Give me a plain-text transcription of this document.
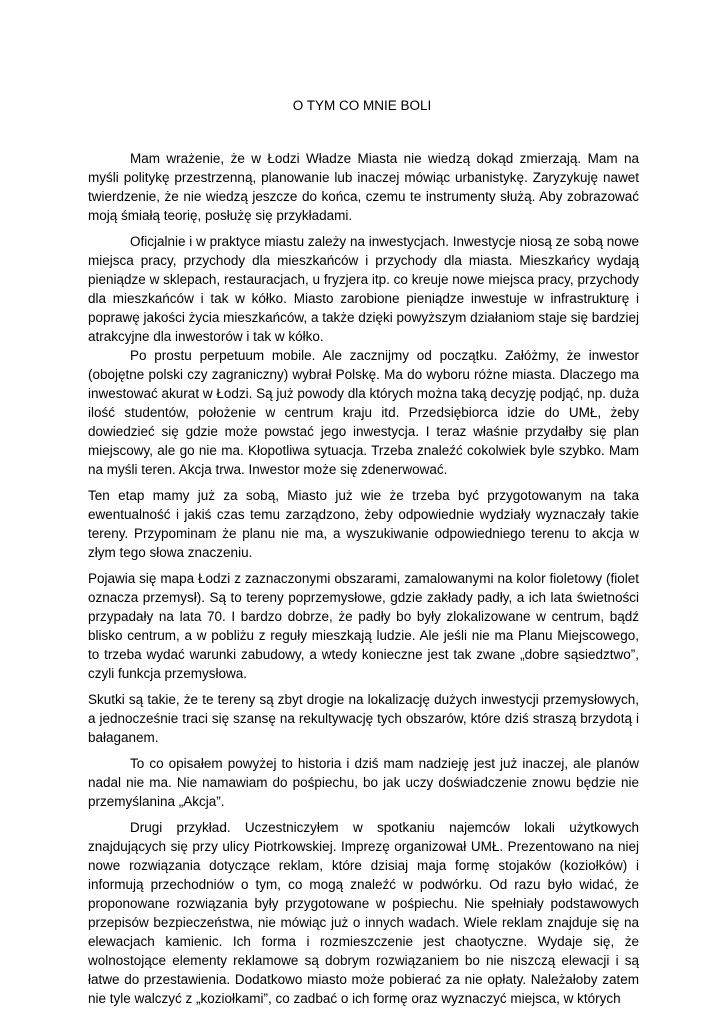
O TYM CO MNIE BOLI

Mam wrażenie, że w Łodzi Władze Miasta nie wiedzą dokąd zmierzają. Mam na myśli politykę przestrzenną, planowanie lub inaczej mówiąc urbanistykę. Zaryzykuję nawet twierdzenie, że nie wiedzą jeszcze do końca, czemu te instrumenty służą. Aby zobrazować moją śmiałą teorię, posłużę się przykładami.

Oficjalnie i w praktyce miastu zależy na inwestycjach. Inwestycje niosą ze sobą nowe miejsca pracy, przychody dla mieszkańców i przychody dla miasta. Mieszkańcy wydają pieniądze w sklepach, restauracjach, u fryzjera itp. co kreuje nowe miejsca pracy, przychody dla mieszkańców i tak w kółko. Miasto zarobione pieniądze inwestuje w infrastrukturę i poprawę jakości życia mieszkańców, a także dzięki powyższym działaniom staje się bardziej atrakcyjne dla inwestorów i tak w kółko.

Po prostu perpetuum mobile. Ale zacznijmy od początku. Załóżmy, że inwestor (obojętne polski czy zagraniczny) wybrał Polskę. Ma do wyboru różne miasta. Dlaczego ma inwestować akurat w Łodzi. Są już powody dla których można taką decyzję podjąć, np. duża ilość studentów, położenie w centrum kraju itd. Przedsiębiorca idzie do UMŁ, żeby dowiedzieć się gdzie może powstać jego inwestycja. I teraz właśnie przydałby się plan miejscowy, ale go nie ma. Kłopotliwa sytuacja. Trzeba znaleźć cokolwiek byle szybko. Mam na myśli teren. Akcja trwa. Inwestor może się zdenerwować.

Ten etap mamy już za sobą, Miasto już wie że trzeba być przygotowanym na taka ewentualność i jakiś czas temu zarządzono, żeby odpowiednie wydziały wyznaczały takie tereny. Przypominam że planu nie ma, a wyszukiwanie odpowiedniego terenu to akcja w złym tego słowa znaczeniu.

Pojawia się mapa Łodzi z zaznaczonymi obszarami, zamalowanymi na kolor fioletowy (fiolet oznacza przemysł). Są to tereny poprzemysłowe, gdzie zakłady padły, a ich lata świetności przypadały na lata 70. I bardzo dobrze, że padły bo były zlokalizowane w centrum, bądź blisko centrum, a w pobliżu z reguły mieszkają ludzie. Ale jeśli nie ma Planu Miejscowego, to trzeba wydać warunki zabudowy, a wtedy konieczne jest tak zwane „dobre sąsiedztwo”, czyli funkcja przemysłowa.

Skutki są takie, że te tereny są zbyt drogie na lokalizację dużych inwestycji przemysłowych, a jednocześnie traci się szansę na rekultywację tych obszarów, które dziś straszą brzydotą i bałaganem.

To co opisałem powyżej to historia i dziś mam nadzieję jest już inaczej, ale planów nadal nie ma. Nie namawiam do pośpiechu, bo jak uczy doświadczenie znowu będzie nie przemyślanina „Akcja”.

Drugi przykład. Uczestniczyłem w spotkaniu najemców lokali użytkowych znajdujących się przy ulicy Piotrkowskiej. Imprezę organizował UMŁ. Prezentowano na niej nowe rozwiązania dotyczące reklam, które dzisiaj maja formę stojaków (koziołków) i informują przechodniów o tym, co mogą znaleźć w podwórku. Od razu było widać, że proponowane rozwiązania były przygotowane w pośpiechu. Nie spełniały podstawowych przepisów bezpieczeństwa, nie mówiąc już o innych wadach. Wiele reklam znajduje się na elewacjach kamienic. Ich forma i rozmieszczenie jest chaotyczne. Wydaje się, że wolnostojące elementy reklamowe są dobrym rozwiązaniem bo nie niszczą elewacji i są łatwe do przestawienia. Dodatkowo miasto może pobierać za nie opłaty. Należałoby zatem nie tyle walczyć z „koziołkami”, co zadbać o ich formę oraz wyznaczyć miejsca, w których
